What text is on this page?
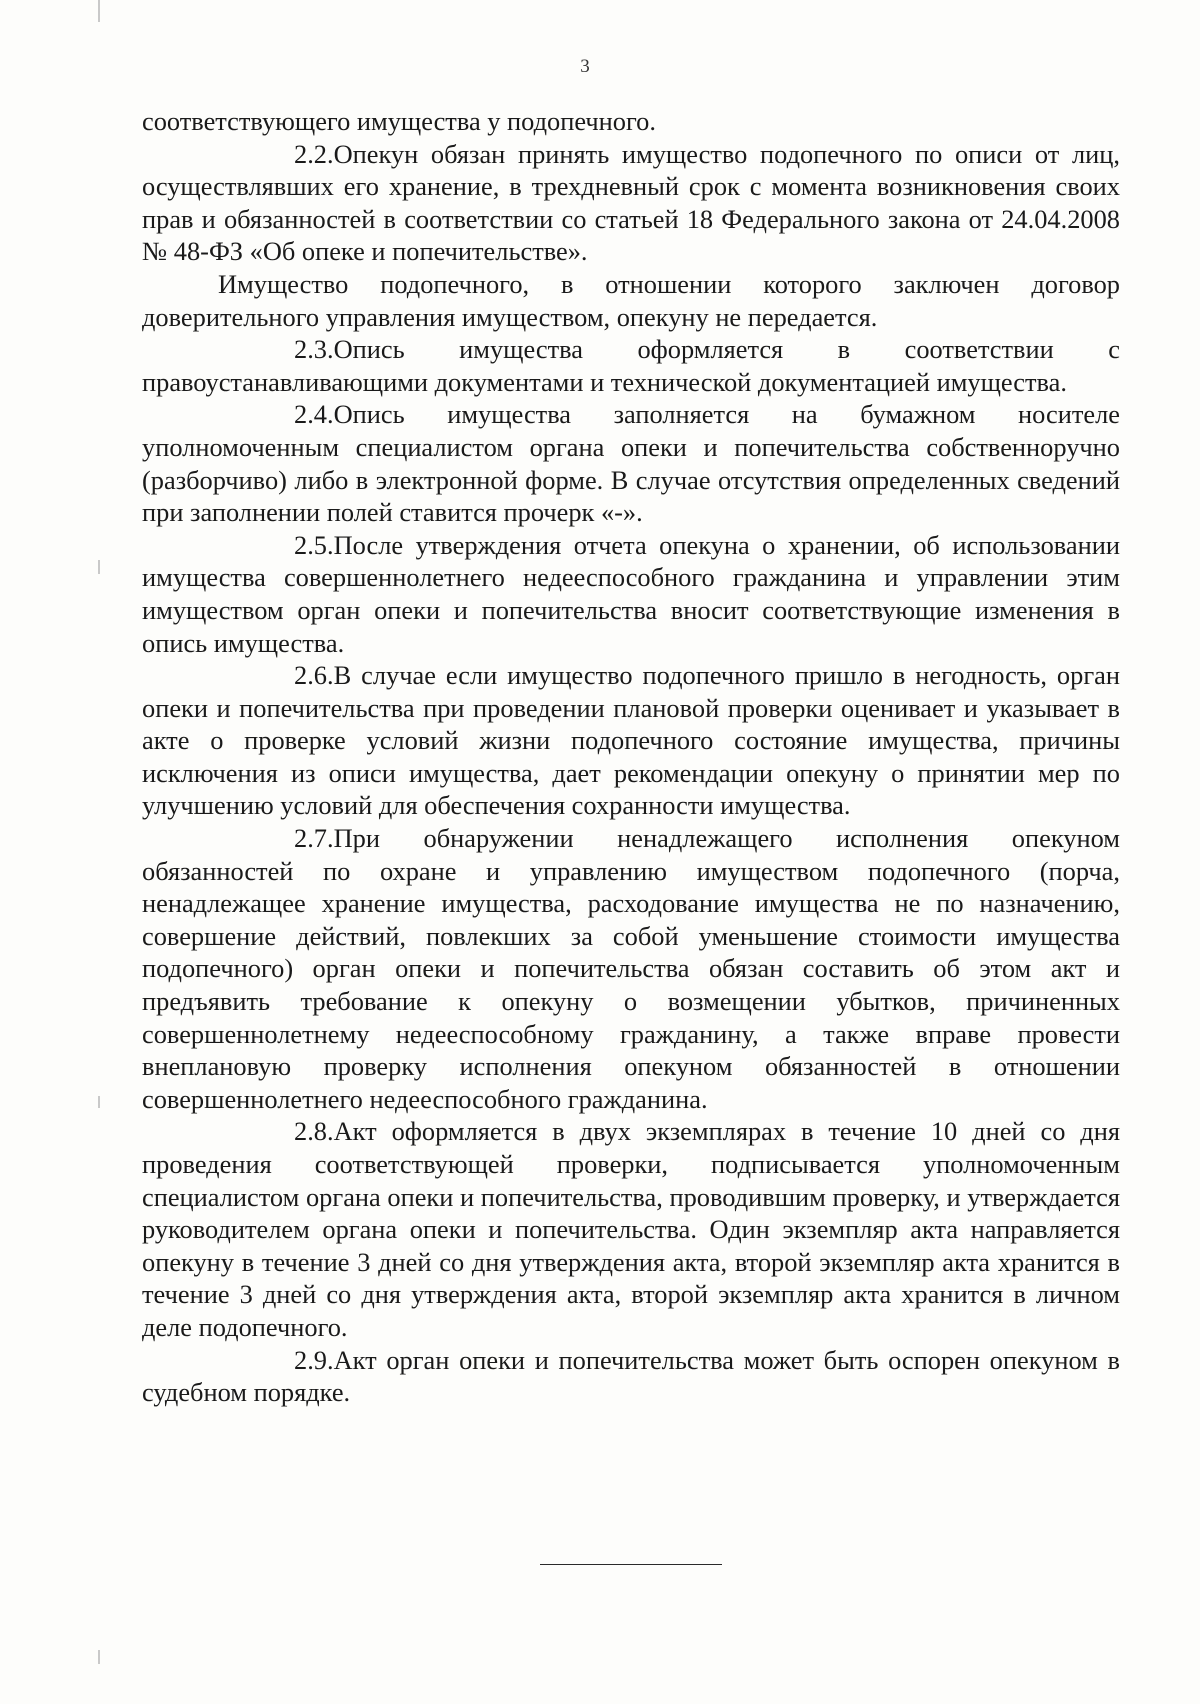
3

соответствующего имущества у подопечного.

2.2.Опекун обязан принять имущество подопечного по описи от лиц, осуществлявших его хранение, в трехдневный срок с момента возникновения своих прав и обязанностей в соответствии со статьей 18 Федерального закона от 24.04.2008 № 48-ФЗ «Об опеке и попечительстве».

Имущество подопечного, в отношении которого заключен договор доверительного управления имуществом, опекуну не передается.

2.3.Опись имущества оформляется в соответствии с правоустанавливающими документами и технической документацией имущества.

2.4.Опись имущества заполняется на бумажном носителе уполномоченным специалистом органа опеки и попечительства собственноручно (разборчиво) либо в электронной форме. В случае отсутствия определенных сведений при заполнении полей ставится прочерк «-».

2.5.После утверждения отчета опекуна о хранении, об использовании имущества совершеннолетнего недееспособного гражданина и управлении этим имуществом орган опеки и попечительства вносит соответствующие изменения в опись имущества.

2.6.В случае если имущество подопечного пришло в негодность, орган опеки и попечительства при проведении плановой проверки оценивает и указывает в акте о проверке условий жизни подопечного состояние имущества, причины исключения из описи имущества, дает рекомендации опекуну о принятии мер по улучшению условий для обеспечения сохранности имущества.

2.7.При обнаружении ненадлежащего исполнения опекуном обязанностей по охране и управлению имуществом подопечного (порча, ненадлежащее хранение имущества, расходование имущества не по назначению, совершение действий, повлекших за собой уменьшение стоимости имущества подопечного) орган опеки и попечительства обязан составить об этом акт и предъявить требование к опекуну о возмещении убытков, причиненных совершеннолетнему недееспособному гражданину, а также вправе провести внеплановую проверку исполнения опекуном обязанностей в отношении совершеннолетнего недееспособного гражданина.

2.8.Акт оформляется в двух экземплярах в течение 10 дней со дня проведения соответствующей проверки, подписывается уполномоченным специалистом органа опеки и попечительства, проводившим проверку, и утверждается руководителем органа опеки и попечительства. Один экземпляр акта направляется опекуну в течение 3 дней со дня утверждения акта, второй экземпляр акта хранится в течение 3 дней со дня утверждения акта, второй экземпляр акта хранится в личном деле подопечного.

2.9.Акт орган опеки и попечительства может быть оспорен опекуном в судебном порядке.
